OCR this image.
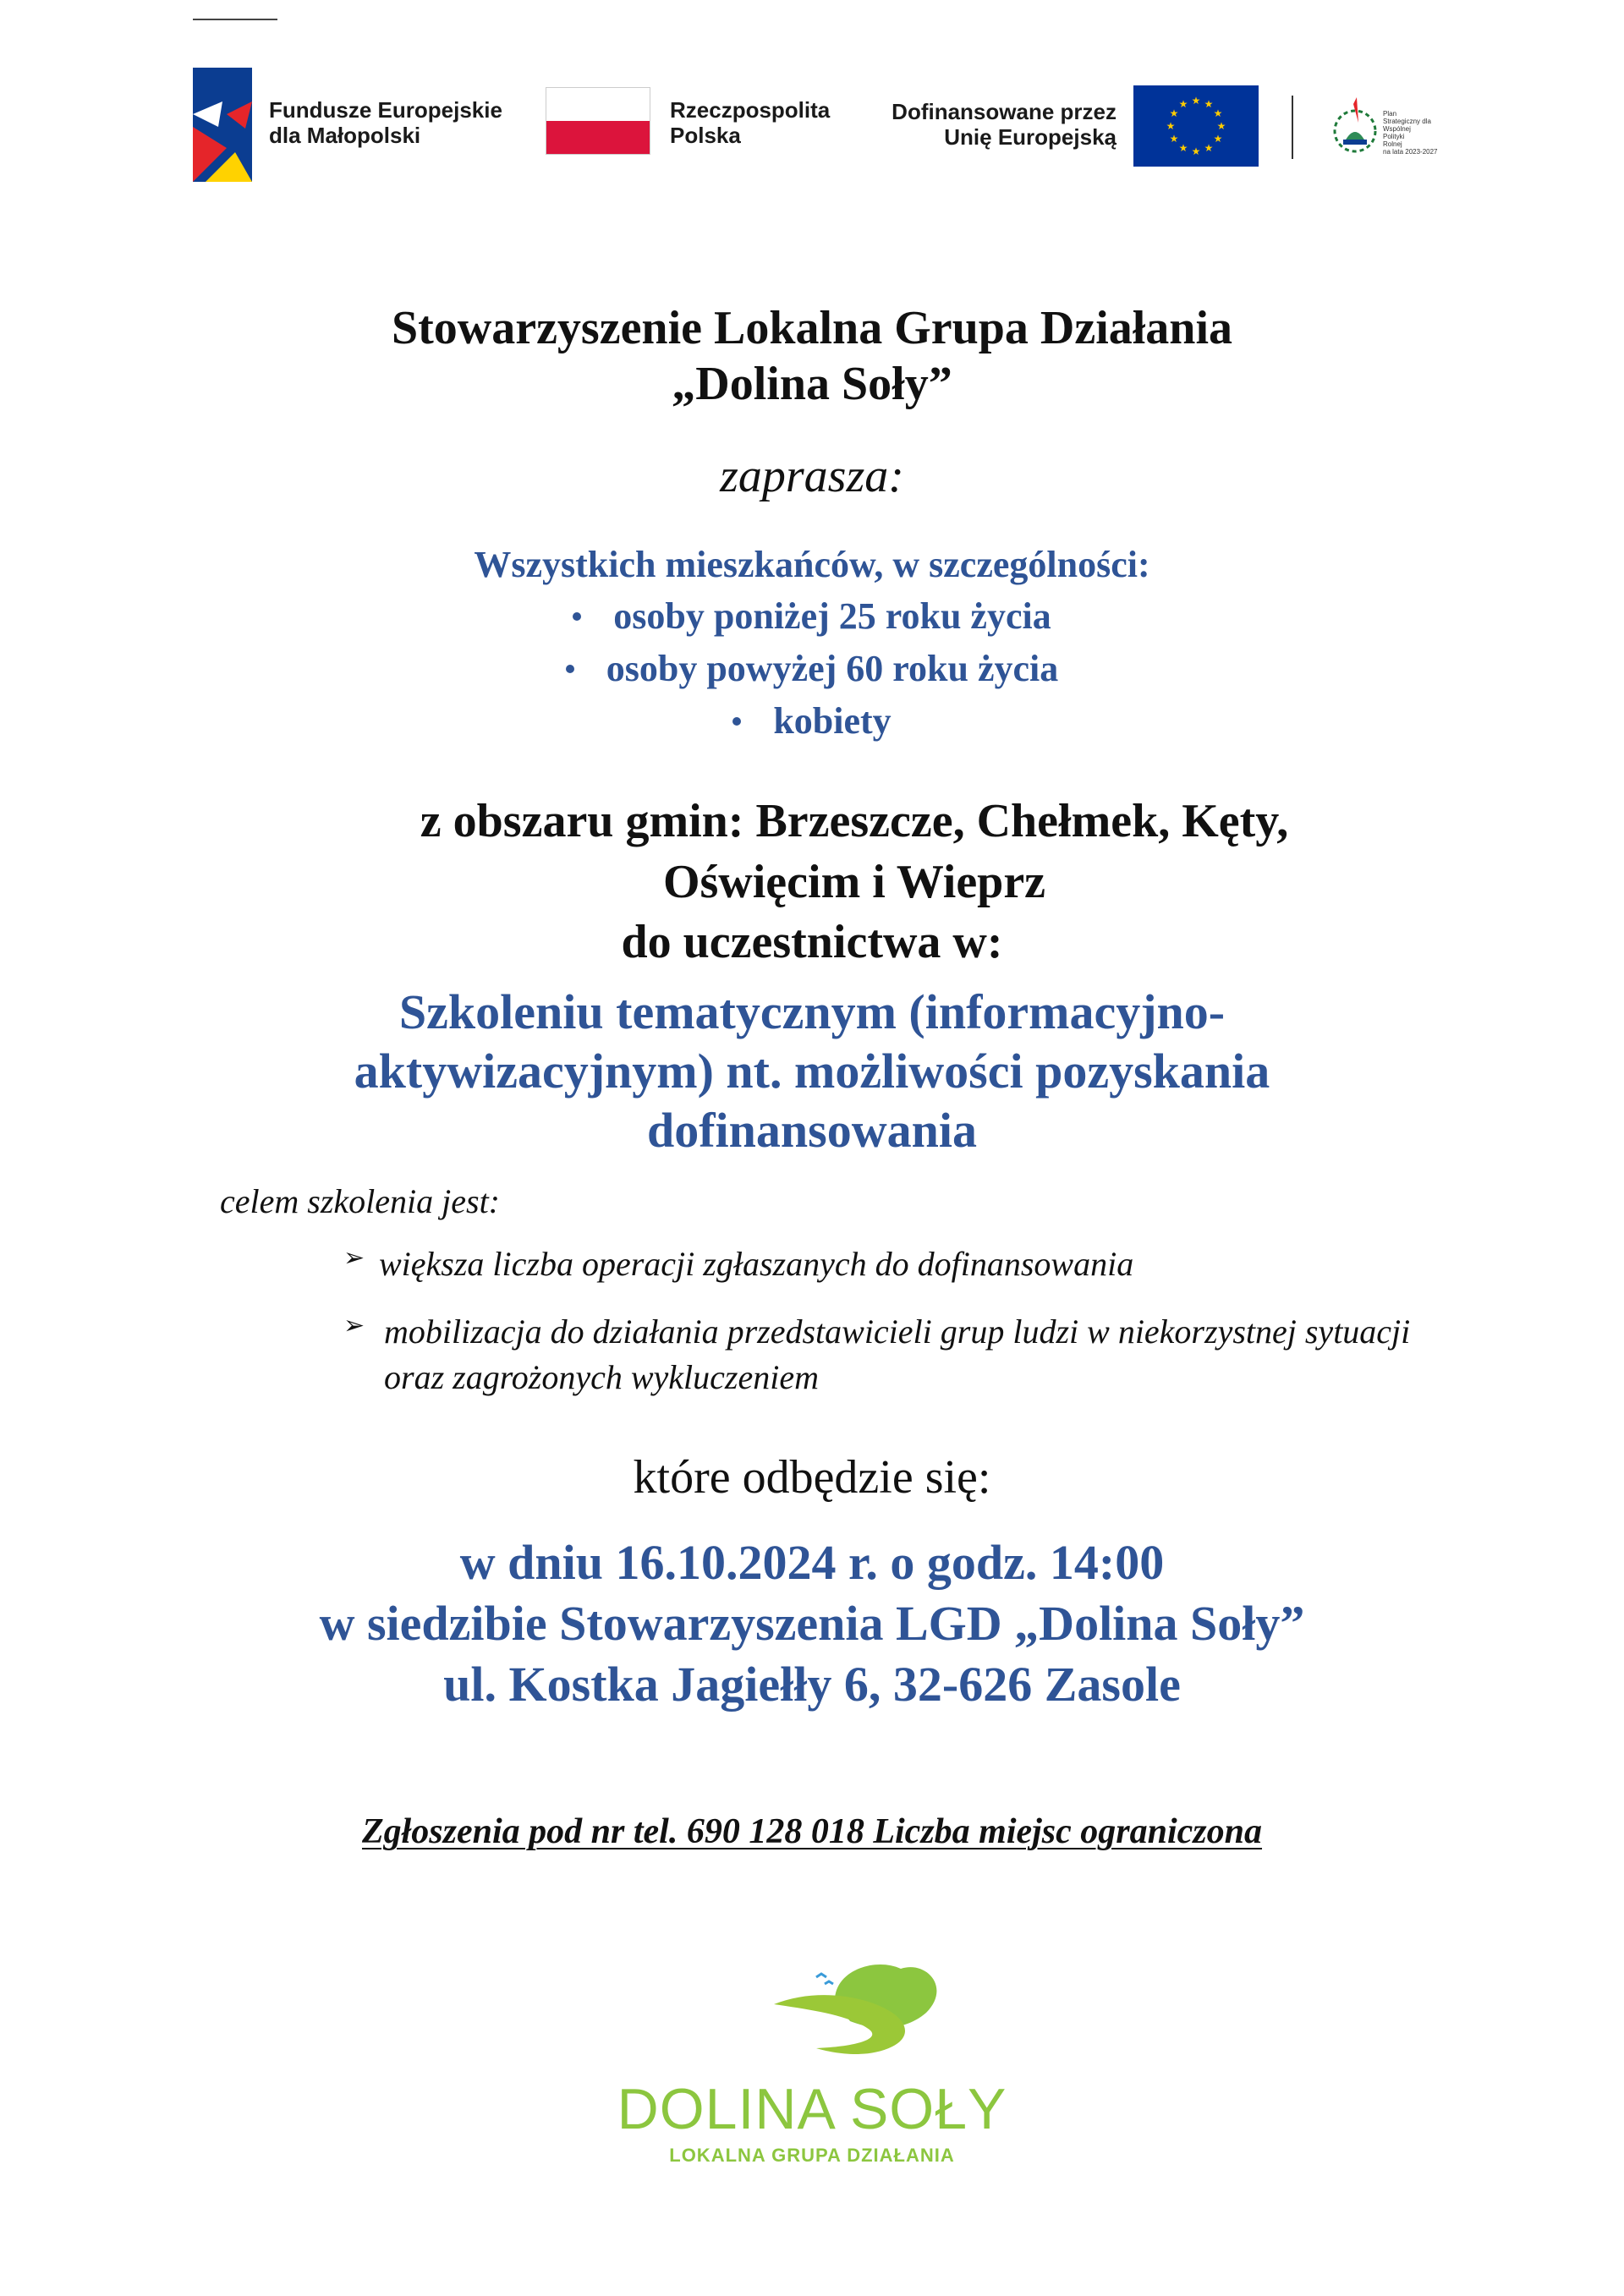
Fundusze Europejskie
dla Małopolski
Rzeczpospolita
Polska
Dofinansowane przez
Unię Europejską
★ ★
★
★
★
★
★
★
★
★
★
★
Plan
Strategiczny dla
Wspólnej
Polityki
Rolnej
na lata 2023-2027
Stowarzyszenie Lokalna Grupa Działania
„Dolina Soły”
zaprasza:
Wszystkich mieszkańców, w szczególności:
osoby poniżej 25 roku życia
osoby powyżej 60 roku życia
kobiety
z obszaru gmin: Brzeszcze, Chełmek, Kęty,
Oświęcim i Wieprz
do uczestnictwa w:
Szkoleniu tematycznym (informacyjno-
aktywizacyjnym) nt. możliwości pozyskania
dofinansowania
celem szkolenia jest:
➢ większa liczba operacji zgłaszanych do dofinansowania
➢ mobilizacja do działania przedstawicieli grup ludzi w niekorzystnej sytuacji oraz zagrożonych wykluczeniem
które odbędzie się:
w dniu 16.10.2024 r. o godz. 14:00
w siedzibie Stowarzyszenia LGD „Dolina Soły”
ul. Kostka Jagiełły 6, 32-626 Zasole
Zgłoszenia pod nr tel. 690 128 018 Liczba miejsc ograniczona
DOLINA SOŁY
LOKALNA GRUPA DZIAŁANIA
